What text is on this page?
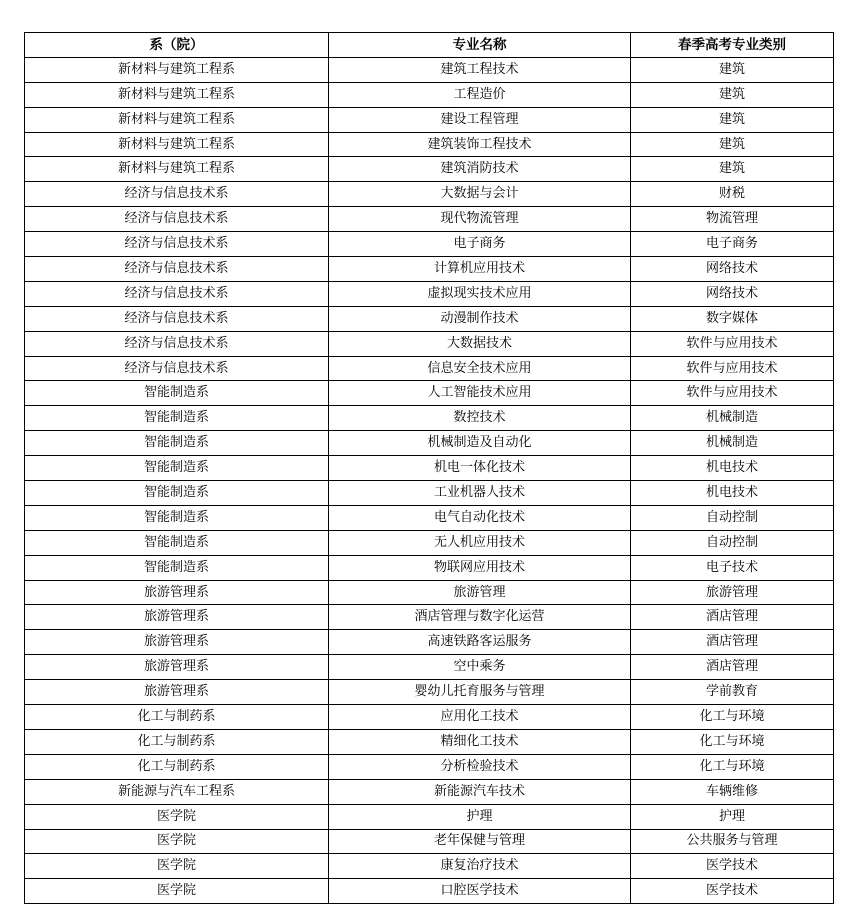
系（院）	专业名称	春季高考专业类别
新材料与建筑工程系	建筑工程技术	建筑
新材料与建筑工程系	工程造价	建筑
新材料与建筑工程系	建设工程管理	建筑
新材料与建筑工程系	建筑装饰工程技术	建筑
新材料与建筑工程系	建筑消防技术	建筑
经济与信息技术系	大数据与会计	财税
经济与信息技术系	现代物流管理	物流管理
经济与信息技术系	电子商务	电子商务
经济与信息技术系	计算机应用技术	网络技术
经济与信息技术系	虚拟现实技术应用	网络技术
经济与信息技术系	动漫制作技术	数字媒体
经济与信息技术系	大数据技术	软件与应用技术
经济与信息技术系	信息安全技术应用	软件与应用技术
智能制造系	人工智能技术应用	软件与应用技术
智能制造系	数控技术	机械制造
智能制造系	机械制造及自动化	机械制造
智能制造系	机电一体化技术	机电技术
智能制造系	工业机器人技术	机电技术
智能制造系	电气自动化技术	自动控制
智能制造系	无人机应用技术	自动控制
智能制造系	物联网应用技术	电子技术
旅游管理系	旅游管理	旅游管理
旅游管理系	酒店管理与数字化运营	酒店管理
旅游管理系	高速铁路客运服务	酒店管理
旅游管理系	空中乘务	酒店管理
旅游管理系	婴幼儿托育服务与管理	学前教育
化工与制药系	应用化工技术	化工与环境
化工与制药系	精细化工技术	化工与环境
化工与制药系	分析检验技术	化工与环境
新能源与汽车工程系	新能源汽车技术	车辆维修
医学院	护理	护理
医学院	老年保健与管理	公共服务与管理
医学院	康复治疗技术	医学技术
医学院	口腔医学技术	医学技术
